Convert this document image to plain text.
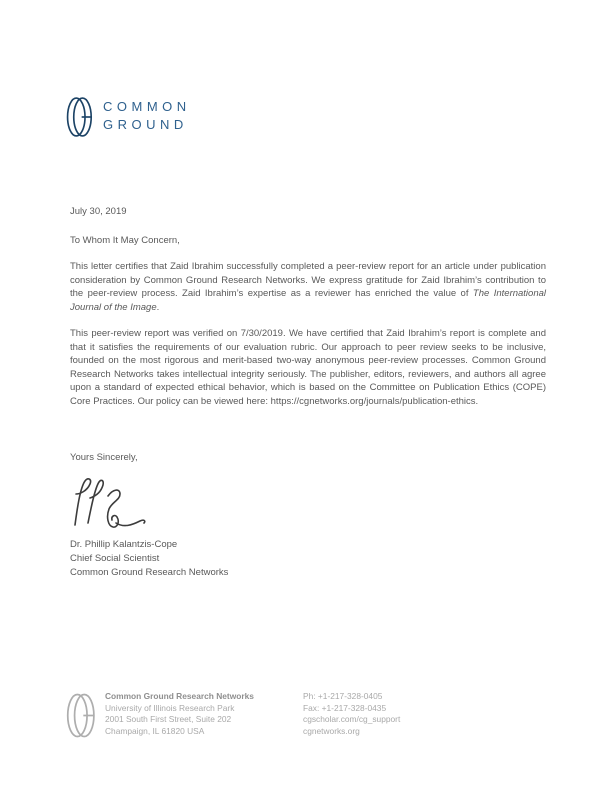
COMMON
GROUND

July 30, 2019

To Whom It May Concern,

This letter certifies that Zaid Ibrahim successfully completed a peer-review report for an article under publication consideration by Common Ground Research Networks. We express gratitude for Zaid Ibrahim’s contribution to the peer-review process. Zaid Ibrahim’s expertise as a reviewer has enriched the value of The International Journal of the Image.

This peer-review report was verified on 7/30/2019. We have certified that Zaid Ibrahim’s report is complete and that it satisfies the requirements of our evaluation rubric. Our approach to peer review seeks to be inclusive, founded on the most rigorous and merit-based two-way anonymous peer-review processes. Common Ground Research Networks takes intellectual integrity seriously. The publisher, editors, reviewers, and authors all agree upon a standard of expected ethical behavior, which is based on the Committee on Publication Ethics (COPE) Core Practices. Our policy can be viewed here: https://cgnetworks.org/journals/publication-ethics.

Yours Sincerely,

Dr. Phillip Kalantzis-Cope
Chief Social Scientist
Common Ground Research Networks
Common Ground Research Networks
University of Illinois Research Park
2001 South First Street, Suite 202
Champaign, IL 61820 USA
Ph: +1-217-328-0405
Fax: +1-217-328-0435
cgscholar.com/cg_support
cgnetworks.org
